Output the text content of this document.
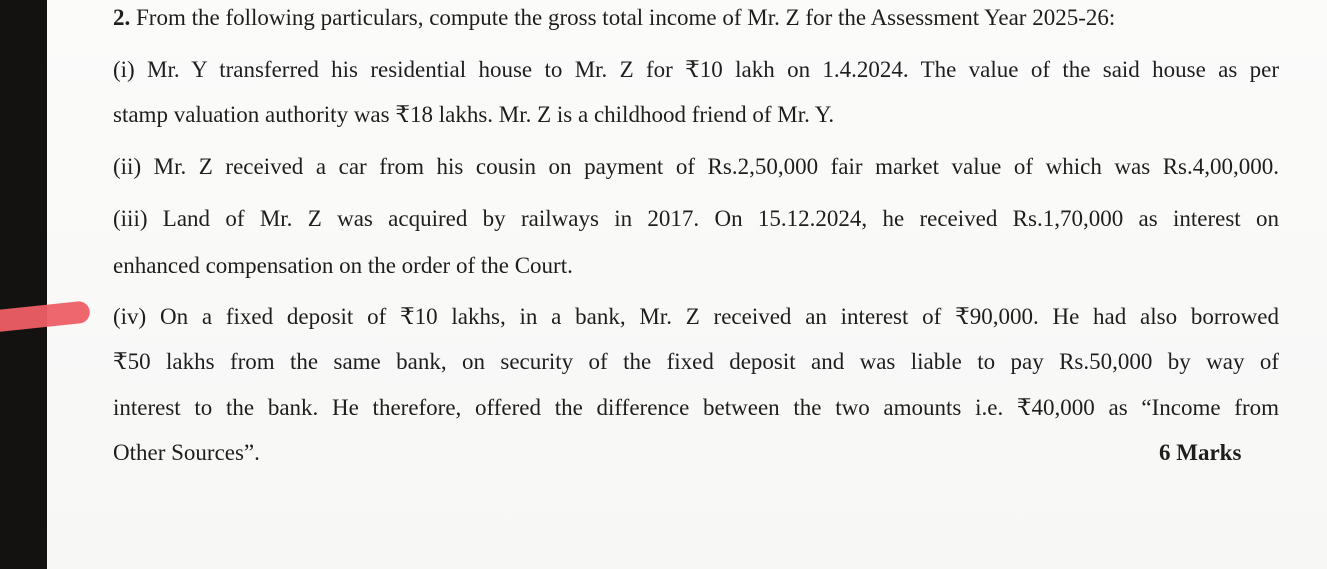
2. From the following particulars, compute the gross total income of Mr. Z for the Assessment Year 2025-26:
(i) Mr. Y transferred his residential house to Mr. Z for ₹10 lakh on 1.4.2024. The value of the said house as per
stamp valuation authority was ₹18 lakhs. Mr. Z is a childhood friend of Mr. Y.
(ii) Mr. Z received a car from his cousin on payment of Rs.2,50,000 fair market value of which was Rs.4,00,000.
(iii) Land of Mr. Z was acquired by railways in 2017. On 15.12.2024, he received Rs.1,70,000 as interest on
enhanced compensation on the order of the Court.
(iv) On a fixed deposit of ₹10 lakhs, in a bank, Mr. Z received an interest of ₹90,000. He had also borrowed
₹50 lakhs from the same bank, on security of the fixed deposit and was liable to pay Rs.50,000 by way of
interest to the bank. He therefore, offered the difference between the two amounts i.e. ₹40,000 as “Income from
Other Sources”.	6 Marks
